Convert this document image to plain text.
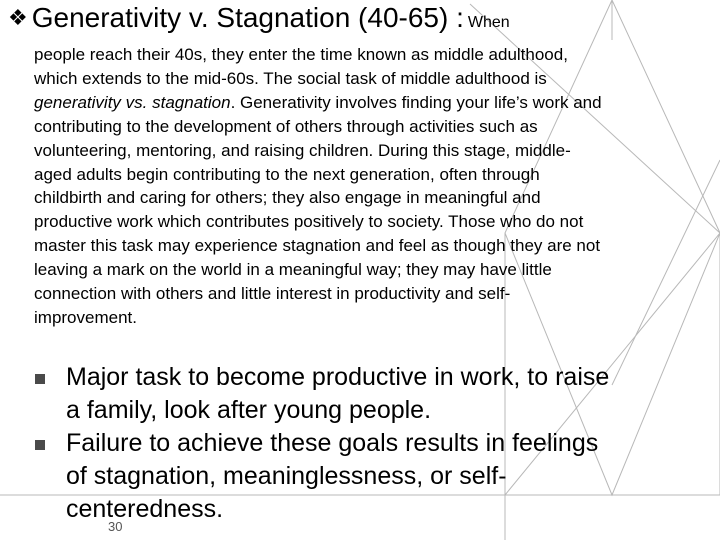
❖ Generativity v. Stagnation (40-65) : When

people reach their 40s, they enter the time known as middle adulthood, which extends to the mid-60s. The social task of middle adulthood is generativity vs. stagnation. Generativity involves finding your life’s work and contributing to the development of others through activities such as volunteering, mentoring, and raising children. During this stage, middle-aged adults begin contributing to the next generation, often through childbirth and caring for others; they also engage in meaningful and productive work which contributes positively to society. Those who do not master this task may experience stagnation and feel as though they are not leaving a mark on the world in a meaningful way; they may have little connection with others and little interest in productivity and self-improvement.

Major task to become productive in work, to raise a family, look after young people.
Failure to achieve these goals results in feelings of stagnation, meaninglessness, or self-centeredness.
30
